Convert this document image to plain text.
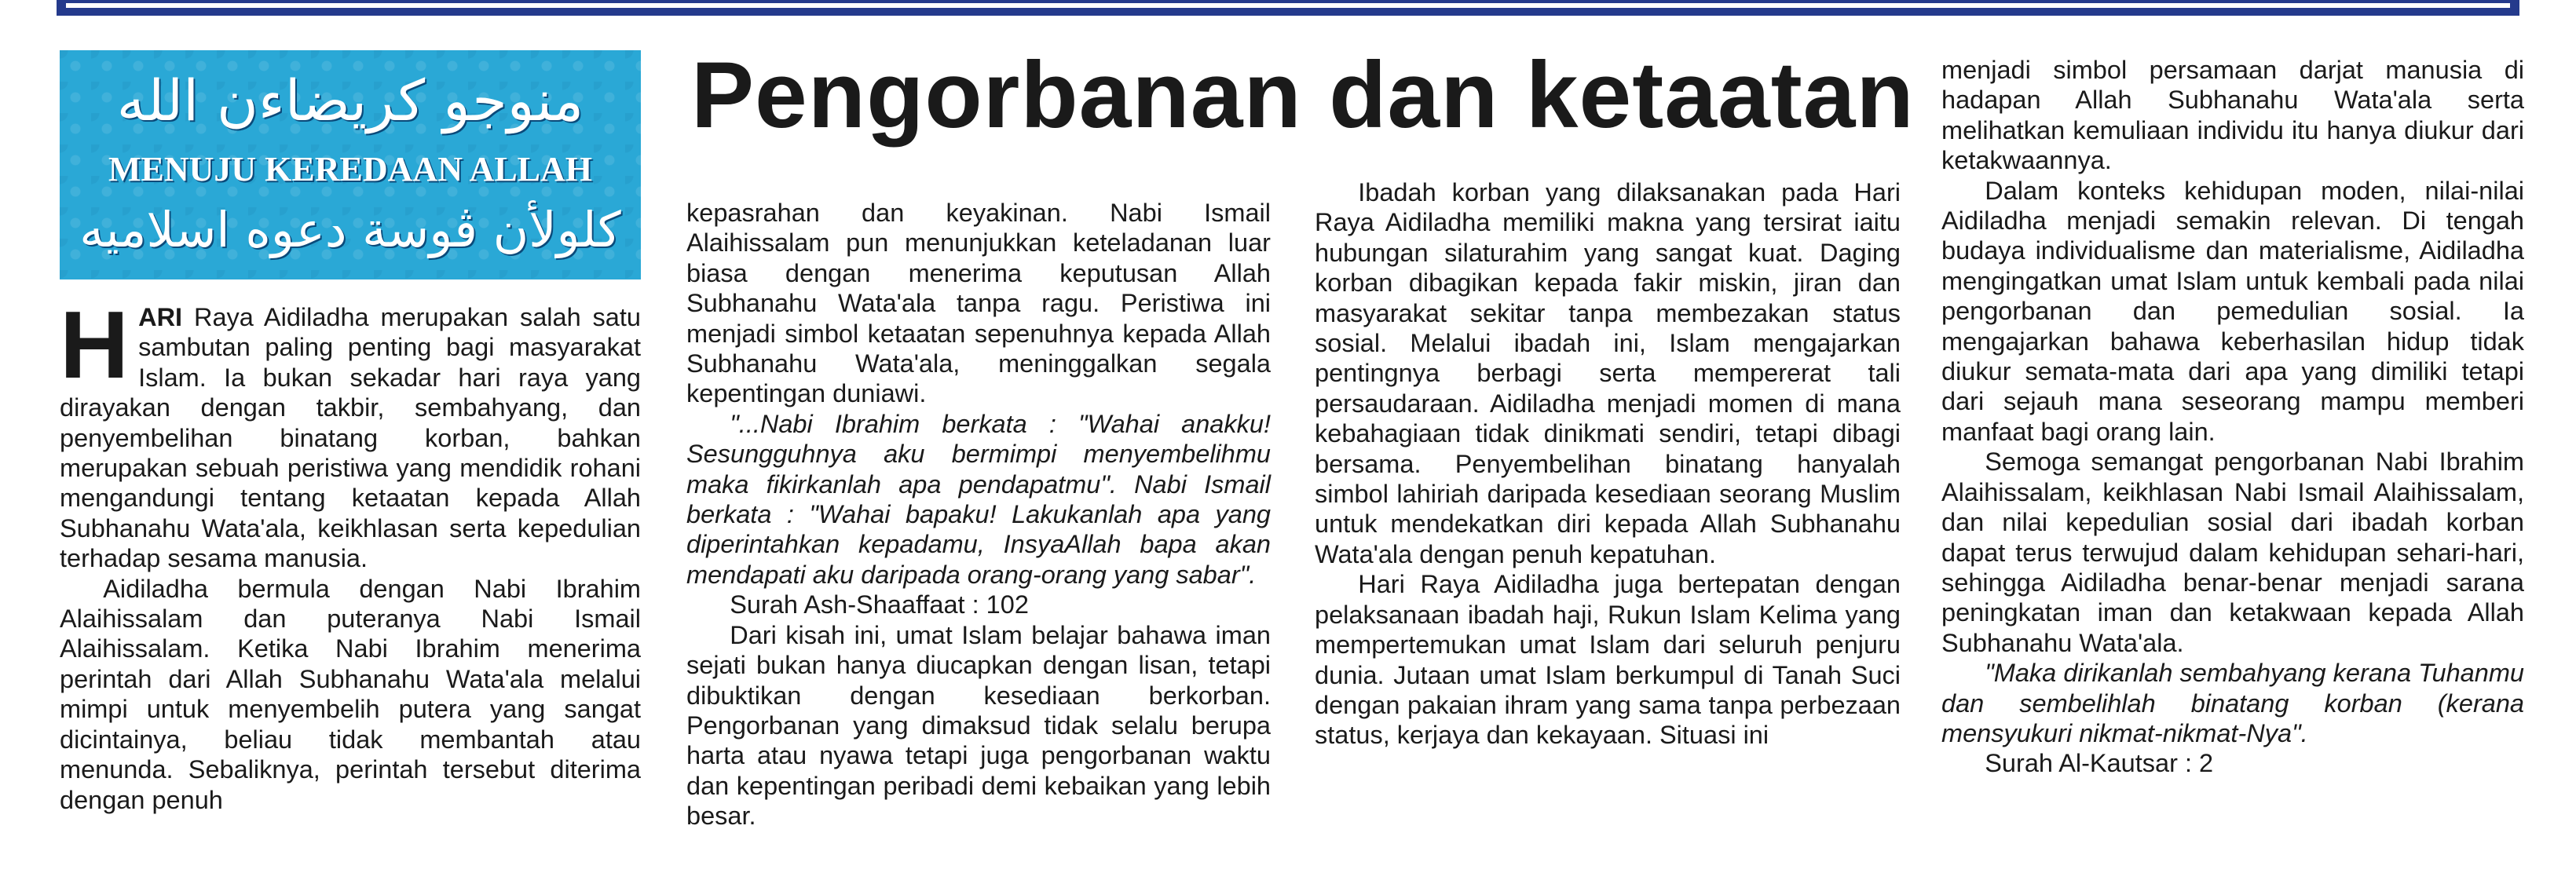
منوجو كريضاءن الله
MENUJU KEREDAAN ALLAH
كلولأن ڤوسة دعوه اسلاميه
Pengorbanan dan ketaatan

HARI Raya Aidiladha merupakan salah satu sambutan paling penting bagi masyarakat Islam. Ia bukan sekadar hari raya yang dirayakan dengan takbir, sembahyang, dan penyembelihan binatang korban, bahkan merupakan sebuah peristiwa yang mendidik rohani mengandungi tentang ketaatan kepada Allah Subhanahu Wata'ala, keikhlasan serta kepedulian terhadap sesama manusia.

Aidiladha bermula dengan Nabi Ibrahim Alaihissalam dan puteranya Nabi Ismail Alaihissalam. Ketika Nabi Ibrahim menerima perintah dari Allah Subhanahu Wata'ala melalui mimpi untuk menyembelih putera yang sangat dicintainya, beliau tidak membantah atau menunda. Sebaliknya, perintah tersebut diterima dengan penuh

kepasrahan dan keyakinan. Nabi Ismail Alaihissalam pun menunjukkan keteladanan luar biasa dengan menerima keputusan Allah Subhanahu Wata'ala tanpa ragu. Peristiwa ini menjadi simbol ketaatan sepenuhnya kepada Allah Subhanahu Wata'ala, meninggalkan segala kepentingan duniawi.

"...Nabi Ibrahim berkata : "Wahai anakku! Sesungguhnya aku bermimpi menyembelihmu maka fikirkanlah apa pendapatmu". Nabi Ismail berkata : "Wahai bapaku! Lakukanlah apa yang diperintahkan kepadamu, InsyaAllah bapa akan mendapati aku daripada orang-orang yang sabar".

Surah Ash-Shaaffaat : 102

Dari kisah ini, umat Islam belajar bahawa iman sejati bukan hanya diucapkan dengan lisan, tetapi dibuktikan dengan kesediaan berkorban. Pengorbanan yang dimaksud tidak selalu berupa harta atau nyawa tetapi juga pengorbanan waktu dan kepentingan peribadi demi kebaikan yang lebih besar.

Ibadah korban yang dilaksanakan pada Hari Raya Aidiladha memiliki makna yang tersirat iaitu hubungan silaturahim yang sangat kuat. Daging korban dibagikan kepada fakir miskin, jiran dan masyarakat sekitar tanpa membezakan status sosial. Melalui ibadah ini, Islam mengajarkan pentingnya berbagi serta mempererat tali persaudaraan. Aidiladha menjadi momen di mana kebahagiaan tidak dinikmati sendiri, tetapi dibagi bersama. Penyembelihan binatang hanyalah simbol lahiriah daripada kesediaan seorang Muslim untuk mendekatkan diri kepada Allah Subhanahu Wata'ala dengan penuh kepatuhan.

Hari Raya Aidiladha juga bertepatan dengan pelaksanaan ibadah haji, Rukun Islam Kelima yang mempertemukan umat Islam dari seluruh penjuru dunia. Jutaan umat Islam berkumpul di Tanah Suci dengan pakaian ihram yang sama tanpa perbezaan status, kerjaya dan kekayaan. Situasi ini

menjadi simbol persamaan darjat manusia di hadapan Allah Subhanahu Wata'ala serta melihatkan kemuliaan individu itu hanya diukur dari ketakwaannya.

Dalam konteks kehidupan moden, nilai-nilai Aidiladha menjadi semakin relevan. Di tengah budaya individualisme dan materialisme, Aidiladha mengingatkan umat Islam untuk kembali pada nilai pengorbanan dan pemedulian sosial. Ia mengajarkan bahawa keberhasilan hidup tidak diukur semata-mata dari apa yang dimiliki tetapi dari sejauh mana seseorang mampu memberi manfaat bagi orang lain.

Semoga semangat pengorbanan Nabi Ibrahim Alaihissalam, keikhlasan Nabi Ismail Alaihissalam, dan nilai kepedulian sosial dari ibadah korban dapat terus terwujud dalam kehidupan sehari-hari, sehingga Aidiladha benar-benar menjadi sarana peningkatan iman dan ketakwaan kepada Allah Subhanahu Wata'ala.

"Maka dirikanlah sembahyang kerana Tuhanmu dan sembelihlah binatang korban (kerana mensyukuri nikmat-nikmat-Nya".

Surah Al-Kautsar : 2
